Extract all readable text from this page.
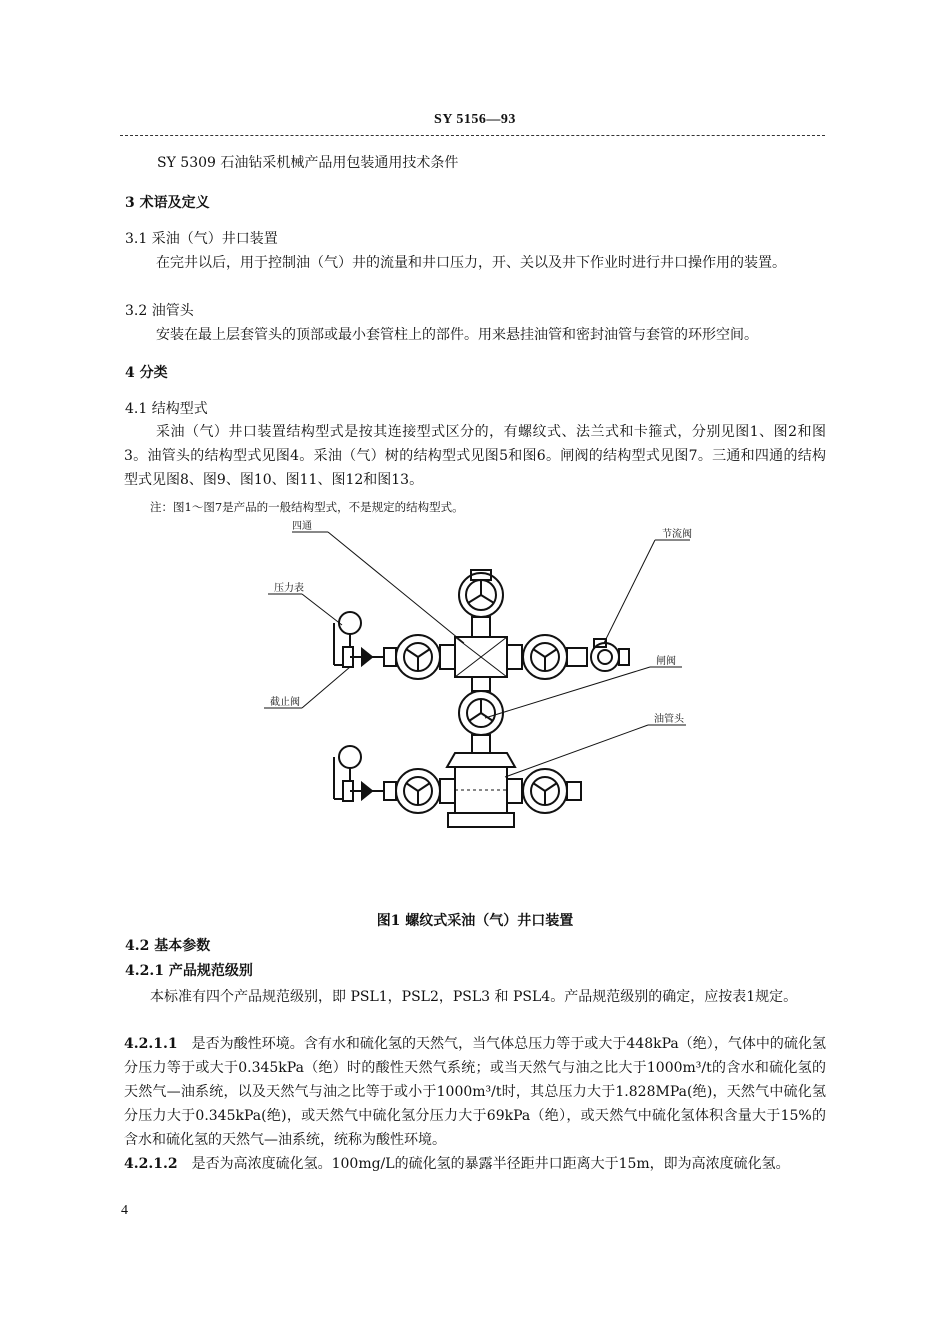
SY 5156—93
SY 5309 石油钻采机械产品用包装通用技术条件
3 术语及定义
3.1 采油（气）井口装置
在完井以后，用于控制油（气）井的流量和井口压力，开、关以及井下作业时进行井口操作用的装置。
3.2 油管头
安装在最上层套管头的顶部或最小套管柱上的部件。用来悬挂油管和密封油管与套管的环形空间。
4 分类
4.1 结构型式
采油（气）井口装置结构型式是按其连接型式区分的，有螺纹式、法兰式和卡箍式，分别见图1、图2和图3。油管头的结构型式见图4。采油（气）树的结构型式见图5和图6。闸阀的结构型式见图7。三通和四通的结构型式见图8、图9、图10、图11、图12和图13。
注：图1～图7是产品的一般结构型式，不是规定的结构型式。
四通
节流阀
压力表
闸阀
截止阀
油管头
图1 螺纹式采油（气）井口装置
4.2 基本参数
4.2.1 产品规范级别
本标准有四个产品规范级别，即 PSL1，PSL2，PSL3 和 PSL4。产品规范级别的确定，应按表1规定。
4.2.1.1 是否为酸性环境。含有水和硫化氢的天然气，当气体总压力等于或大于448kPa（绝），气体中的硫化氢分压力等于或大于0.345kPa（绝）时的酸性天然气系统；或当天然气与油之比大于1000m³/t的含水和硫化氢的天然气—油系统，以及天然气与油之比等于或小于1000m³/t时，其总压力大于1.828MPa(绝)，天然气中硫化氢分压力大于0.345kPa(绝)，或天然气中硫化氢分压力大于69kPa（绝），或天然气中硫化氢体积含量大于15%的含水和硫化氢的天然气—油系统，统称为酸性环境。
4.2.1.2 是否为高浓度硫化氢。100mg/L的硫化氢的暴露半径距井口距离大于15m，即为高浓度硫化氢。
4
